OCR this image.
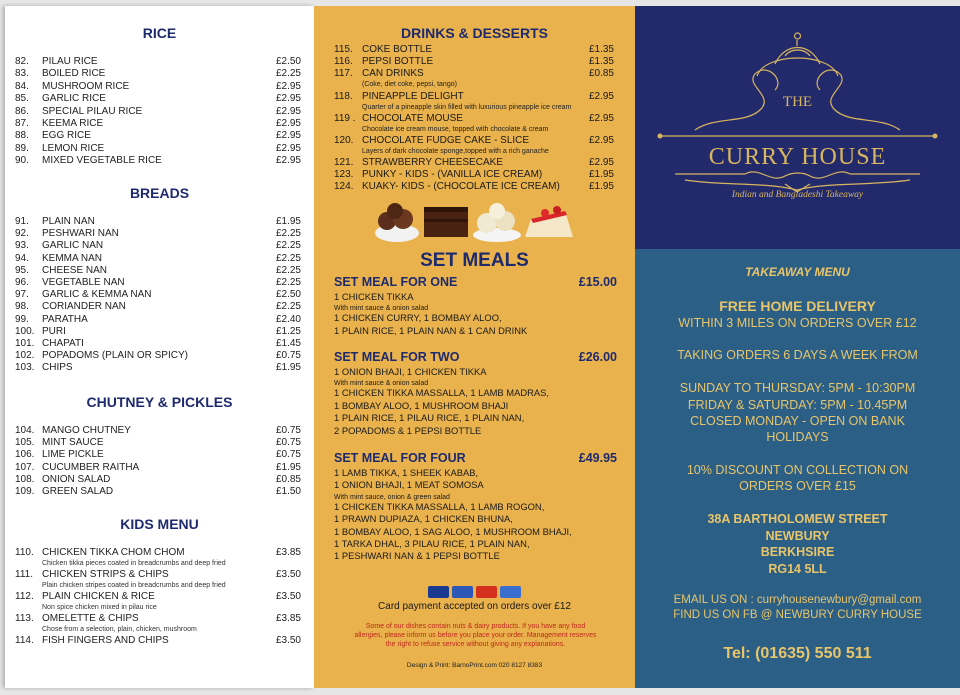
RICE
82.	PILAU RICE	£2.50
83.	BOILED RICE	£2.25
84.	MUSHROOM RICE	£2.95
85.	GARLIC RICE	£2.95
86.	SPECIAL PILAU RICE	£2.95
87.	KEEMA RICE	£2.95
88.	EGG RICE	£2.95
89.	LEMON RICE	£2.95
90.	MIXED VEGETABLE RICE	£2.95
BREADS
91.	PLAIN NAN	£1.95
92.	PESHWARI NAN	£2.25
93.	GARLIC NAN	£2.25
94.	KEMMA NAN	£2.25
95.	CHEESE NAN	£2.25
96.	VEGETABLE NAN	£2.25
97.	GARLIC & KEMMA NAN	£2.50
98.	CORIANDER NAN	£2.25
99.	PARATHA	£2.40
100. PURI	£1.25
101. CHAPATI	£1.45
102. POPADOMS (PLAIN OR SPICY)	£0.75
103. CHIPS	£1.95
CHUTNEY & PICKLES
104. MANGO CHUTNEY	£0.75
105. MINT SAUCE	£0.75
106. LIME PICKLE	£0.75
107. CUCUMBER RAITHA	£1.95
108. ONION SALAD	£0.85
109. GREEN SALAD	£1.50
KIDS MENU
110. CHICKEN TIKKA CHOM CHOM	£3.85
Chicken tikka pieces coated in breadcrumbs and deep fried
111. CHICKEN STRIPS & CHIPS	£3.50
Plain chicken stripes coated in breadcrumbs and deep fried
112. PLAIN CHICKEN & RICE	£3.50
Non spice chicken mixed in pilau rice
113. OMELETTE & CHIPS	£3.85
Chose from a selection, plain, chicken, mushroom
114. FISH FINGERS AND CHIPS	£3.50
DRINKS & DESSERTS
115. COKE BOTTLE	£1.35
116. PEPSI BOTTLE	£1.35
117. CAN DRINKS	£0.85
(Coke, diet coke, pepsi, tango)
118. PINEAPPLE DELIGHT	£2.95
Quarter of a pineapple skin filled with luxurious pineapple ice cream
119 . CHOCOLATE MOUSE	£2.95
Chocolate ice cream mouse, topped with chocolate & cream
120. CHOCOLATE FUDGE CAKE - SLICE	£2.95
Layers of dark chocolate sponge,topped with a rich ganache
121. STRAWBERRY CHEESECAKE	£2.95
123. PUNKY - KIDS - (VANILLA ICE CREAM)	£1.95
124. KUAKY- KIDS - (CHOCOLATE ICE CREAM)	£1.95
SET MEALS
SET MEAL FOR ONE	£15.00
1 CHICKEN TIKKA
With mint sauce & onion salad
1 CHICKEN CURRY, 1 BOMBAY ALOO,
1 PLAIN RICE, 1 PLAIN NAN & 1 CAN DRINK
SET MEAL FOR TWO	£26.00
1 ONION BHAJI, 1 CHICKEN TIKKA
With mint sauce & onion salad
1 CHICKEN TIKKA MASSALLA, 1 LAMB MADRAS,
1 BOMBAY ALOO, 1 MUSHROOM BHAJI
1 PLAIN RICE, 1 PILAU RICE, 1 PLAIN NAN,
2 POPADOMS & 1 PEPSI BOTTLE
SET MEAL FOR FOUR	£49.95
1 LAMB TIKKA, 1 SHEEK KABAB,
1 ONION BHAJI, 1 MEAT SOMOSA
With mint sauce, onion & green salad
1 CHICKEN TIKKA MASSALLA, 1 LAMB ROGON,
1 PRAWN DUPIAZA, 1 CHICKEN BHUNA,
1 BOMBAY ALOO, 1 SAG ALOO, 1 MUSHROOM BHAJI,
1 TARKA DHAL, 3 PILAU RICE, 1 PLAIN NAN,
1 PESHWARI NAN & 1 PEPSI BOTTLE
Card payment accepted on orders over £12
Some of our dishes contain nuts & dairy products. If you have any food
allergies, please inform us before you place your order. Management reserves
the right to refuse service without giving any explanations.
Design & Print: BarnoPrint.com 020 8127 8383
THE
CURRY HOUSE
Indian and Bangladeshi Takeaway
TAKEAWAY MENU
FREE HOME DELIVERY
WITHIN 3 MILES ON ORDERS OVER £12
TAKING ORDERS 6 DAYS A WEEK FROM
SUNDAY TO THURSDAY: 5PM - 10:30PM
FRIDAY & SATURDAY: 5PM - 10.45PM
CLOSED MONDAY - OPEN ON BANK
HOLIDAYS
10% DISCOUNT ON COLLECTION ON
ORDERS OVER £15
38A BARTHOLOMEW STREET
NEWBURY
BERKHSIRE
RG14 5LL
EMAIL US ON : curryhousenewbury@gmail.com
FIND US ON FB @ NEWBURY CURRY HOUSE
Tel: (01635) 550 511
